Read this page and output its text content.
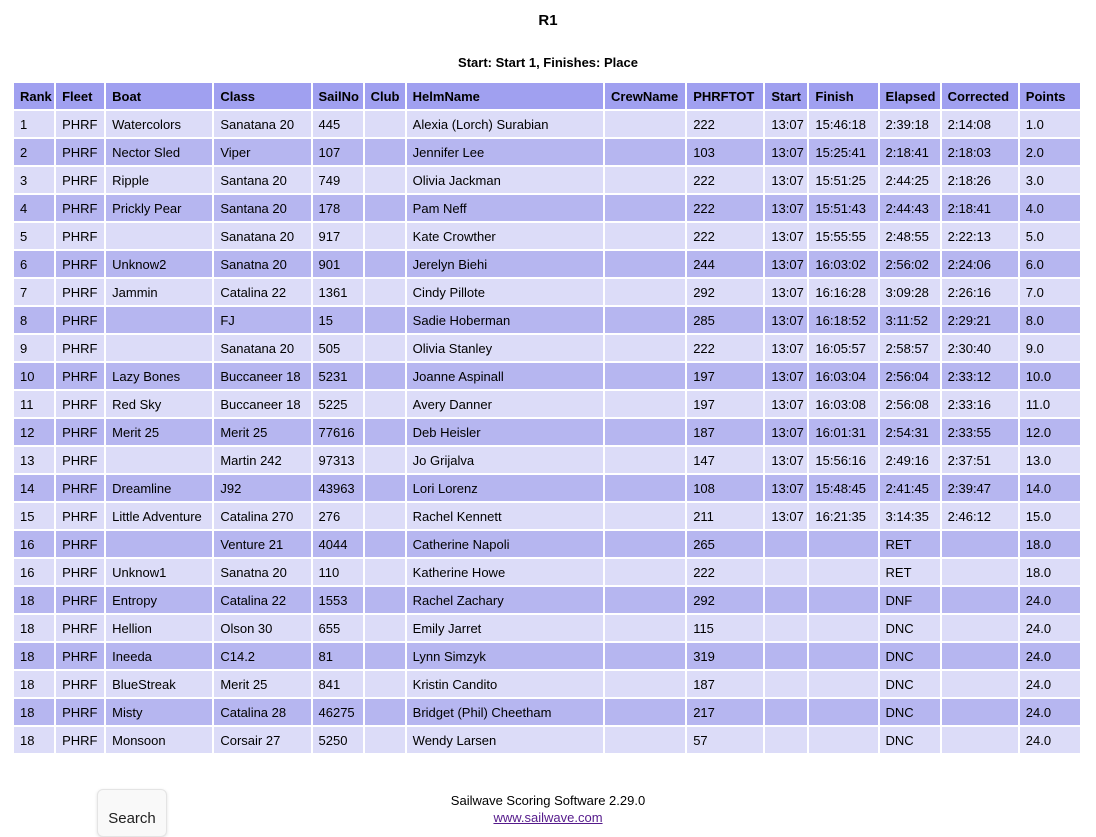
R1
Start: Start 1, Finishes: Place
Rank	Fleet	Boat	Class	SailNo	Club	HelmName	CrewName	PHRFTOT	Start	Finish	Elapsed	Corrected	Points
1	PHRF	Watercolors	Sanatana 20	445		Alexia (Lorch) Surabian		222	13:07	15:46:18	2:39:18	2:14:08	1.0
2	PHRF	Nector Sled	Viper	107		Jennifer Lee		103	13:07	15:25:41	2:18:41	2:18:03	2.0
3	PHRF	Ripple	Santana 20	749		Olivia Jackman		222	13:07	15:51:25	2:44:25	2:18:26	3.0
4	PHRF	Prickly Pear	Santana 20	178		Pam Neff		222	13:07	15:51:43	2:44:43	2:18:41	4.0
5	PHRF		Sanatana 20	917		Kate Crowther		222	13:07	15:55:55	2:48:55	2:22:13	5.0
6	PHRF	Unknow2	Sanatna 20	901		Jerelyn Biehi		244	13:07	16:03:02	2:56:02	2:24:06	6.0
7	PHRF	Jammin	Catalina 22	1361		Cindy Pillote		292	13:07	16:16:28	3:09:28	2:26:16	7.0
8	PHRF		FJ	15		Sadie Hoberman		285	13:07	16:18:52	3:11:52	2:29:21	8.0
9	PHRF		Sanatana 20	505		Olivia Stanley		222	13:07	16:05:57	2:58:57	2:30:40	9.0
10	PHRF	Lazy Bones	Buccaneer 18	5231		Joanne Aspinall		197	13:07	16:03:04	2:56:04	2:33:12	10.0
11	PHRF	Red Sky	Buccaneer 18	5225		Avery Danner		197	13:07	16:03:08	2:56:08	2:33:16	11.0
12	PHRF	Merit 25	Merit 25	77616		Deb Heisler		187	13:07	16:01:31	2:54:31	2:33:55	12.0
13	PHRF		Martin 242	97313		Jo Grijalva		147	13:07	15:56:16	2:49:16	2:37:51	13.0
14	PHRF	Dreamline	J92	43963		Lori Lorenz		108	13:07	15:48:45	2:41:45	2:39:47	14.0
15	PHRF	Little Adventure	Catalina 270	276		Rachel Kennett		211	13:07	16:21:35	3:14:35	2:46:12	15.0
16	PHRF		Venture 21	4044		Catherine Napoli		265			RET		18.0
16	PHRF	Unknow1	Sanatna 20	110		Katherine Howe		222			RET		18.0
18	PHRF	Entropy	Catalina 22	1553		Rachel Zachary		292			DNF		24.0
18	PHRF	Hellion	Olson 30	655		Emily Jarret		115			DNC		24.0
18	PHRF	Ineeda	C14.2	81		Lynn Simzyk		319			DNC		24.0
18	PHRF	BlueStreak	Merit 25	841		Kristin Candito		187			DNC		24.0
18	PHRF	Misty	Catalina 28	46275		Bridget (Phil) Cheetham		217			DNC		24.0
18	PHRF	Monsoon	Corsair 27	5250		Wendy Larsen		57			DNC		24.0
Sailwave Scoring Software 2.29.0
www.sailwave.com
Search
